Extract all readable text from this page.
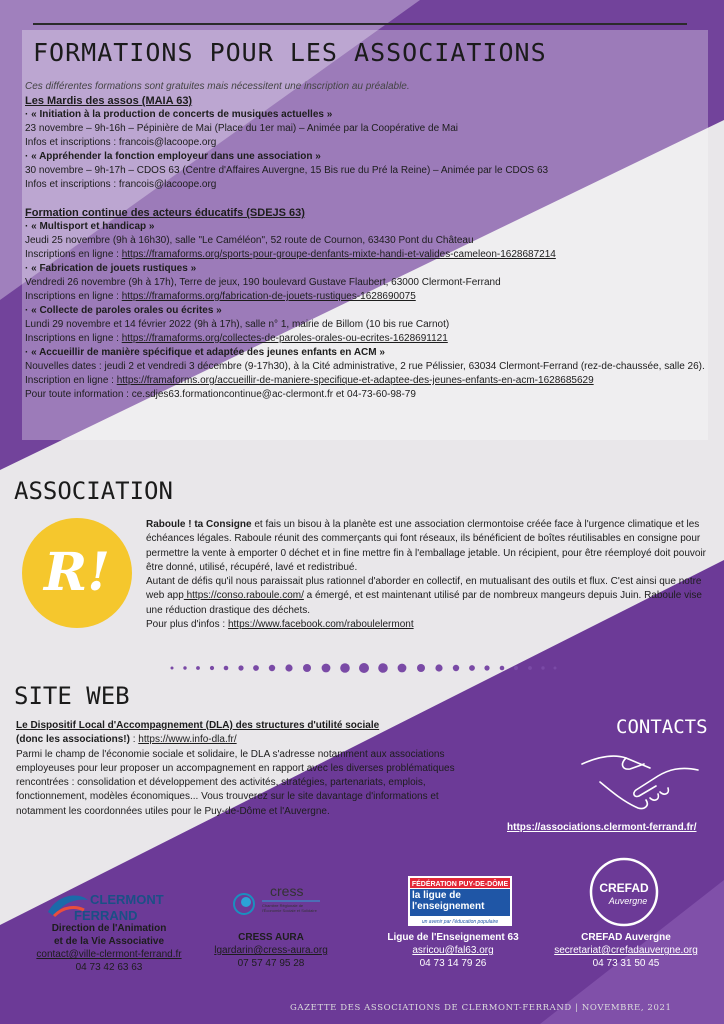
FORMATIONS POUR LES ASSOCIATIONS

Ces différentes formations sont gratuites mais nécessitent une inscription au préalable.

Les Mardis des assos (MAIA 63)

· « Initiation à la production de concerts de musiques actuelles »

23 novembre – 9h-16h – Pépinière de Mai (Place du 1er mai) – Animée par la Coopérative de Mai

Infos et inscriptions : francois@lacoope.org

· « Appréhender la fonction employeur dans une association »

30 novembre – 9h-17h – CDOS 63 (Centre d'Affaires Auvergne, 15 Bis rue du Pré la Reine) – Animée par le CDOS 63

Infos et inscriptions : francois@lacoope.org

Formation continue des acteurs éducatifs (SDEJS 63)

· « Multisport et handicap »

Jeudi 25 novembre (9h à 16h30), salle "Le Caméléon", 52 route de Cournon, 63430 Pont du Château

Inscriptions en ligne : https://framaforms.org/sports-pour-groupe-denfants-mixte-handi-et-valides-cameleon-1628687214

· « Fabrication de jouets rustiques »

Vendredi 26 novembre (9h à 17h), Terre de jeux, 190 boulevard Gustave Flaubert, 63000 Clermont-Ferrand

Inscriptions en ligne : https://framaforms.org/fabrication-de-jouets-rustiques-1628690075

· « Collecte de paroles orales ou écrites »

Lundi 29 novembre et 14 février 2022 (9h à 17h), salle n° 1, mairie de Billom (10 bis rue Carnot)

Inscriptions en ligne : https://framaforms.org/collectes-de-paroles-orales-ou-ecrites-1628691121

· « Accueillir de manière spécifique et adaptée des jeunes enfants en ACM »

Nouvelles dates : jeudi 2 et vendredi 3 décembre (9-17h30), à la Cité administrative, 2 rue Pélissier, 63034 Clermont-Ferrand (rez-de-chaussée, salle 26).

Inscription en ligne : https://framaforms.org/accueillir-de-maniere-specifique-et-adaptee-des-jeunes-enfants-en-acm-1628685629

Pour toute information : ce.sdjes63.formationcontinue@ac-clermont.fr et 04-73-60-98-79

ASSOCIATION
R!

Raboule ! ta Consigne et fais un bisou à la planète est une association clermontoise créée face à l'urgence climatique et les échéances légales. Raboule réunit des commerçants qui font réseaux, ils bénéficient de boîtes réutilisables en consigne pour permettre la vente à emporter 0 déchet et in fine mettre fin à l'emballage jetable. Un récipient, pour être réemployé doit pouvoir être donné, utilisé, récupéré, lavé et redistribué.

Autant de défis qu'il nous paraissait plus rationnel d'aborder en collectif, en mutualisant des outils et flux. C'est ainsi que notre web app https://conso.raboule.com/ a émergé, et est maintenant utilisé par de nombreux mangeurs depuis Juin. Raboule vise une réduction drastique des déchets.

Pour plus d'infos : https://www.facebook.com/raboulelermont

SITE WEB

Le Dispositif Local d'Accompagnement (DLA) des structures d'utilité sociale

(donc les associations!) : https://www.info-dla.fr/

Parmi le champ de l'économie sociale et solidaire, le DLA s'adresse notamment aux associations employeuses pour leur proposer un accompagnement en rapport avec les diverses problématiques rencontrées : consolidation et développement des activités, stratégies, partenariats, emplois, fonctionnement, modèles économiques... Vous trouverez sur le site davantage d'informations et notamment les coordonnées utiles pour le Puy-de-Dôme et l'Auvergne.

CONTACTS
https://associations.clermont-ferrand.fr/
CLERMONT
FERRAND
cress
Chambre Régionale de l'Économie Sociale et Solidaire
FÉDÉRATION PUY-DE-DÔME
la ligue de l'enseignement
un avenir par l'éducation populaire
CREFAD
Auvergne
Direction de l'Animation
et de la Vie Associative
contact@ville-clermont-ferrand.fr
04 73 42 63 63
CRESS AURA
lgardarin@cress-aura.org
07 57 47 95 28
Ligue de l'Enseignement 63
asricou@fal63.org
04 73 14 79 26
CREFAD Auvergne
secretariat@crefadauvergne.org
04 73 31 50 45
GAZETTE DES ASSOCIATIONS DE CLERMONT-FERRAND | NOVEMBRE, 2021
